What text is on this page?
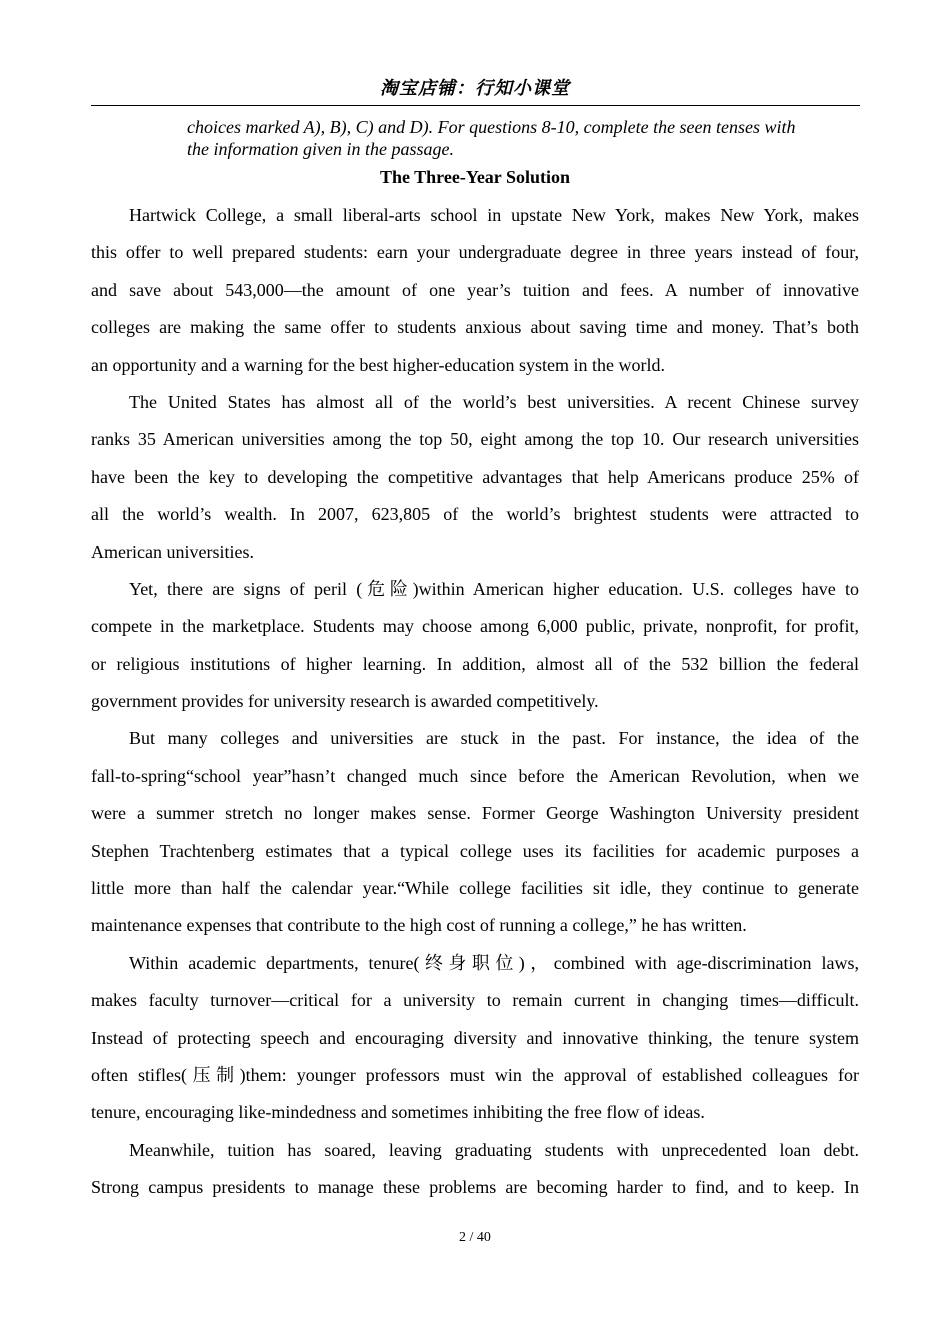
淘宝店铺：行知小课堂
choices marked A), B), C) and D). For questions 8-10, complete the seen tenses with
the information given in the passage.
The Three-Year Solution
Hartwick College, a small liberal-arts school in upstate New York, makes New York, makes
this offer to well prepared students: earn your undergraduate degree in three years instead of four,
and save about 543,000—the amount of one year’s tuition and fees. A number of innovative
colleges are making the same offer to students anxious about saving time and money. That’s both
an opportunity and a warning for the best higher-education system in the world.
The United States has almost all of the world’s best universities. A recent Chinese survey
ranks 35 American universities among the top 50, eight among the top 10. Our research universities
have been the key to developing the competitive advantages that help Americans produce 25% of
all the world’s wealth. In 2007, 623,805 of the world’s brightest students were attracted to
American universities.
Yet, there are signs of peril (危险)within American higher education. U.S. colleges have to
compete in the marketplace. Students may choose among 6,000 public, private, nonprofit, for profit,
or religious institutions of higher learning. In addition, almost all of the 532 billion the federal
government provides for university research is awarded competitively.
But many colleges and universities are stuck in the past. For instance, the idea of the
fall-to-spring“school year”hasn’t changed much since before the American Revolution, when we
were a summer stretch no longer makes sense. Former George Washington University president
Stephen Trachtenberg estimates that a typical college uses its facilities for academic purposes a
little more than half the calendar year.“While college facilities sit idle, they continue to generate
maintenance expenses that contribute to the high cost of running a college,” he has written.
Within academic departments, tenure(终身职位)，combined with age-discrimination laws,
makes faculty turnover—critical for a university to remain current in changing times—difficult.
Instead of protecting speech and encouraging diversity and innovative thinking, the tenure system
often stifles(压制)them: younger professors must win the approval of established colleagues for
tenure, encouraging like-mindedness and sometimes inhibiting the free flow of ideas.
Meanwhile, tuition has soared, leaving graduating students with unprecedented loan debt.
Strong campus presidents to manage these problems are becoming harder to find, and to keep. In
2 / 40
